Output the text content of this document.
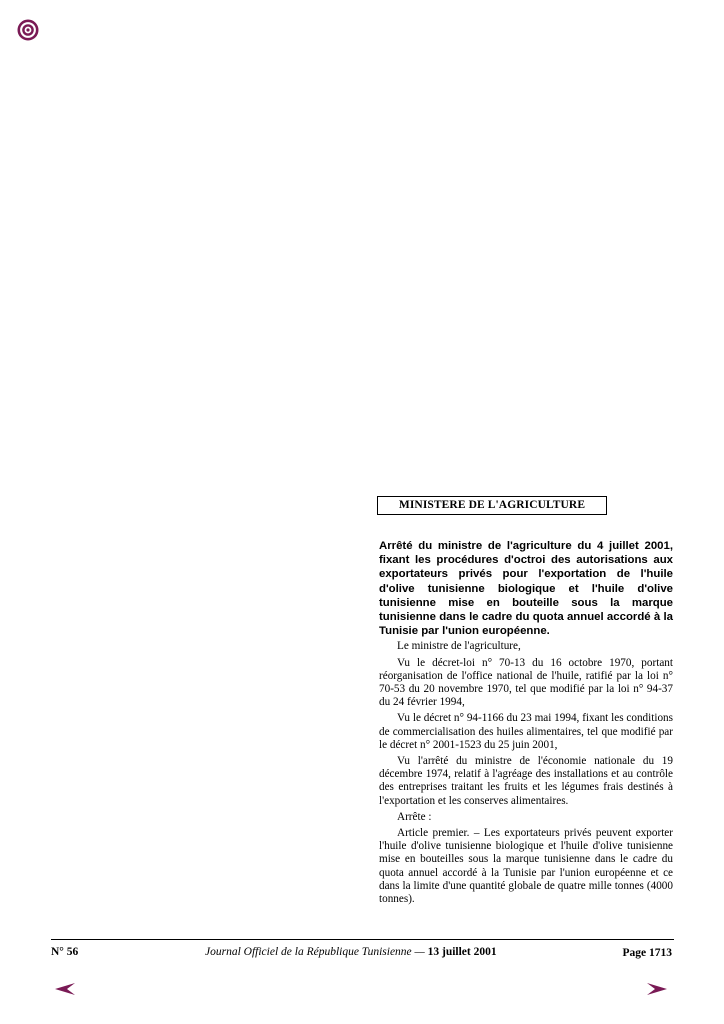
MINISTERE DE L'AGRICULTURE

Arrêté du ministre de l'agriculture du 4 juillet 2001, fixant les procédures d'octroi des autorisations aux exportateurs privés pour l'exportation de l'huile d'olive tunisienne biologique et l'huile d'olive tunisienne mise en bouteille sous la marque tunisienne dans le cadre du quota annuel accordé à la Tunisie par l'union européenne.

Le ministre de l'agriculture,

Vu le décret-loi n° 70-13 du 16 octobre 1970, portant réorganisation de l'office national de l'huile, ratifié par la loi n° 70-53 du 20 novembre 1970, tel que modifié par la loi n° 94-37 du 24 février 1994,

Vu le décret n° 94-1166 du 23 mai 1994, fixant les conditions de commercialisation des huiles alimentaires, tel que modifié par le décret n° 2001-1523 du 25 juin 2001,

Vu l'arrêté du ministre de l'économie nationale du 19 décembre 1974, relatif à l'agréage des installations et au contrôle des entreprises traitant les fruits et les légumes frais destinés à l'exportation et les conserves alimentaires.

Arrête :

Article premier. – Les exportateurs privés peuvent exporter l'huile d'olive tunisienne biologique et l'huile d'olive tunisienne mise en bouteilles sous la marque tunisienne dans le cadre du quota annuel accordé à la Tunisie par l'union européenne et ce dans la limite d'une quantité globale de quatre mille tonnes (4000 tonnes).

N° 56	Journal Officiel de la République Tunisienne — 13 juillet 2001	Page 1713
